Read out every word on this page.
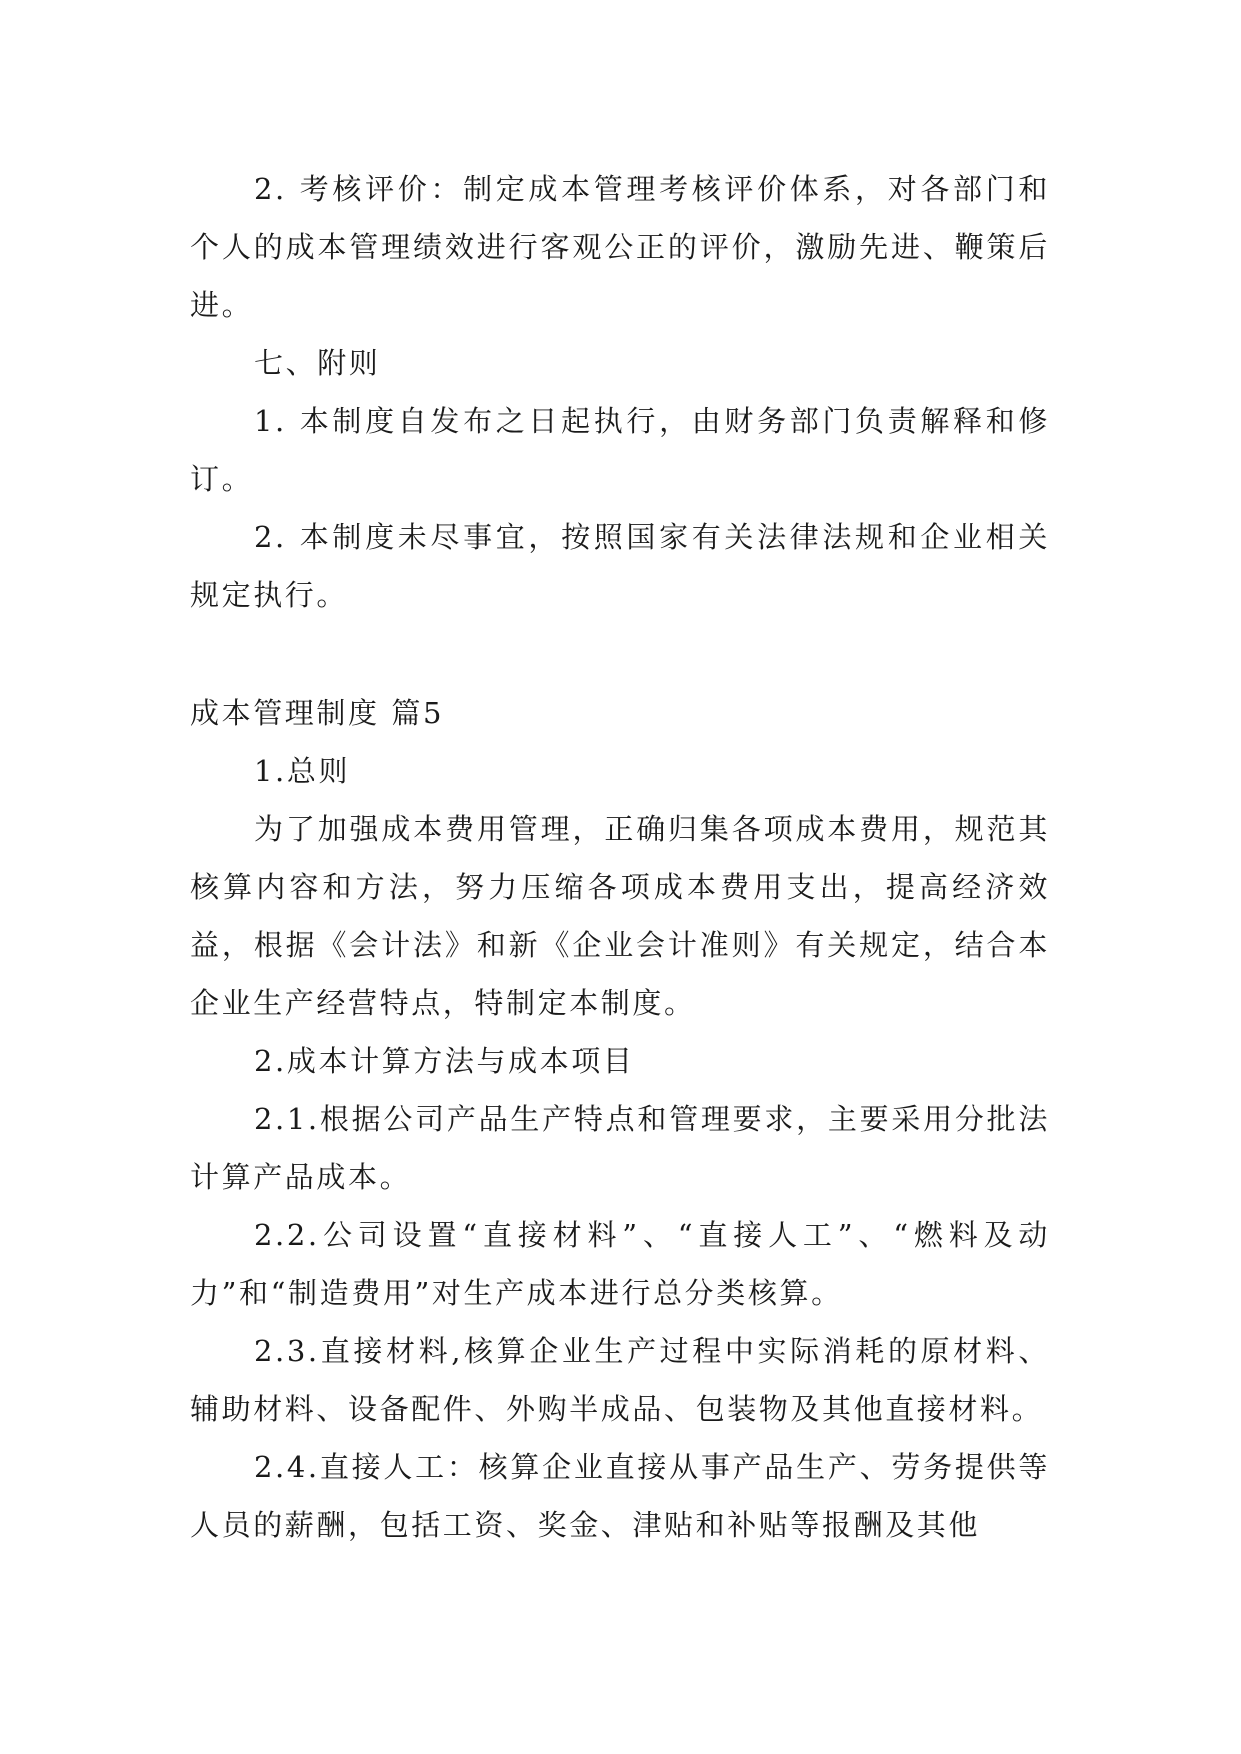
2. 考核评价：制定成本管理考核评价体系，对各部门和个人的成本管理绩效进行客观公正的评价，激励先进、鞭策后进。

七、附则

1. 本制度自发布之日起执行，由财务部门负责解释和修订。

2. 本制度未尽事宜，按照国家有关法律法规和企业相关规定执行。

成本管理制度 篇5

1.总则

为了加强成本费用管理，正确归集各项成本费用，规范其核算内容和方法，努力压缩各项成本费用支出，提高经济效益，根据《会计法》和新《企业会计准则》有关规定，结合本企业生产经营特点，特制定本制度。

2.成本计算方法与成本项目

2.1.根据公司产品生产特点和管理要求，主要采用分批法计算产品成本。

2.2.公司设置“直接材料”、“直接人工”、“燃料及动力”和“制造费用”对生产成本进行总分类核算。

2.3.直接材料,核算企业生产过程中实际消耗的原材料、辅助材料、设备配件、外购半成品、包装物及其他直接材料。

2.4.直接人工：核算企业直接从事产品生产、劳务提供等人员的薪酬，包括工资、奖金、津贴和补贴等报酬及其他
